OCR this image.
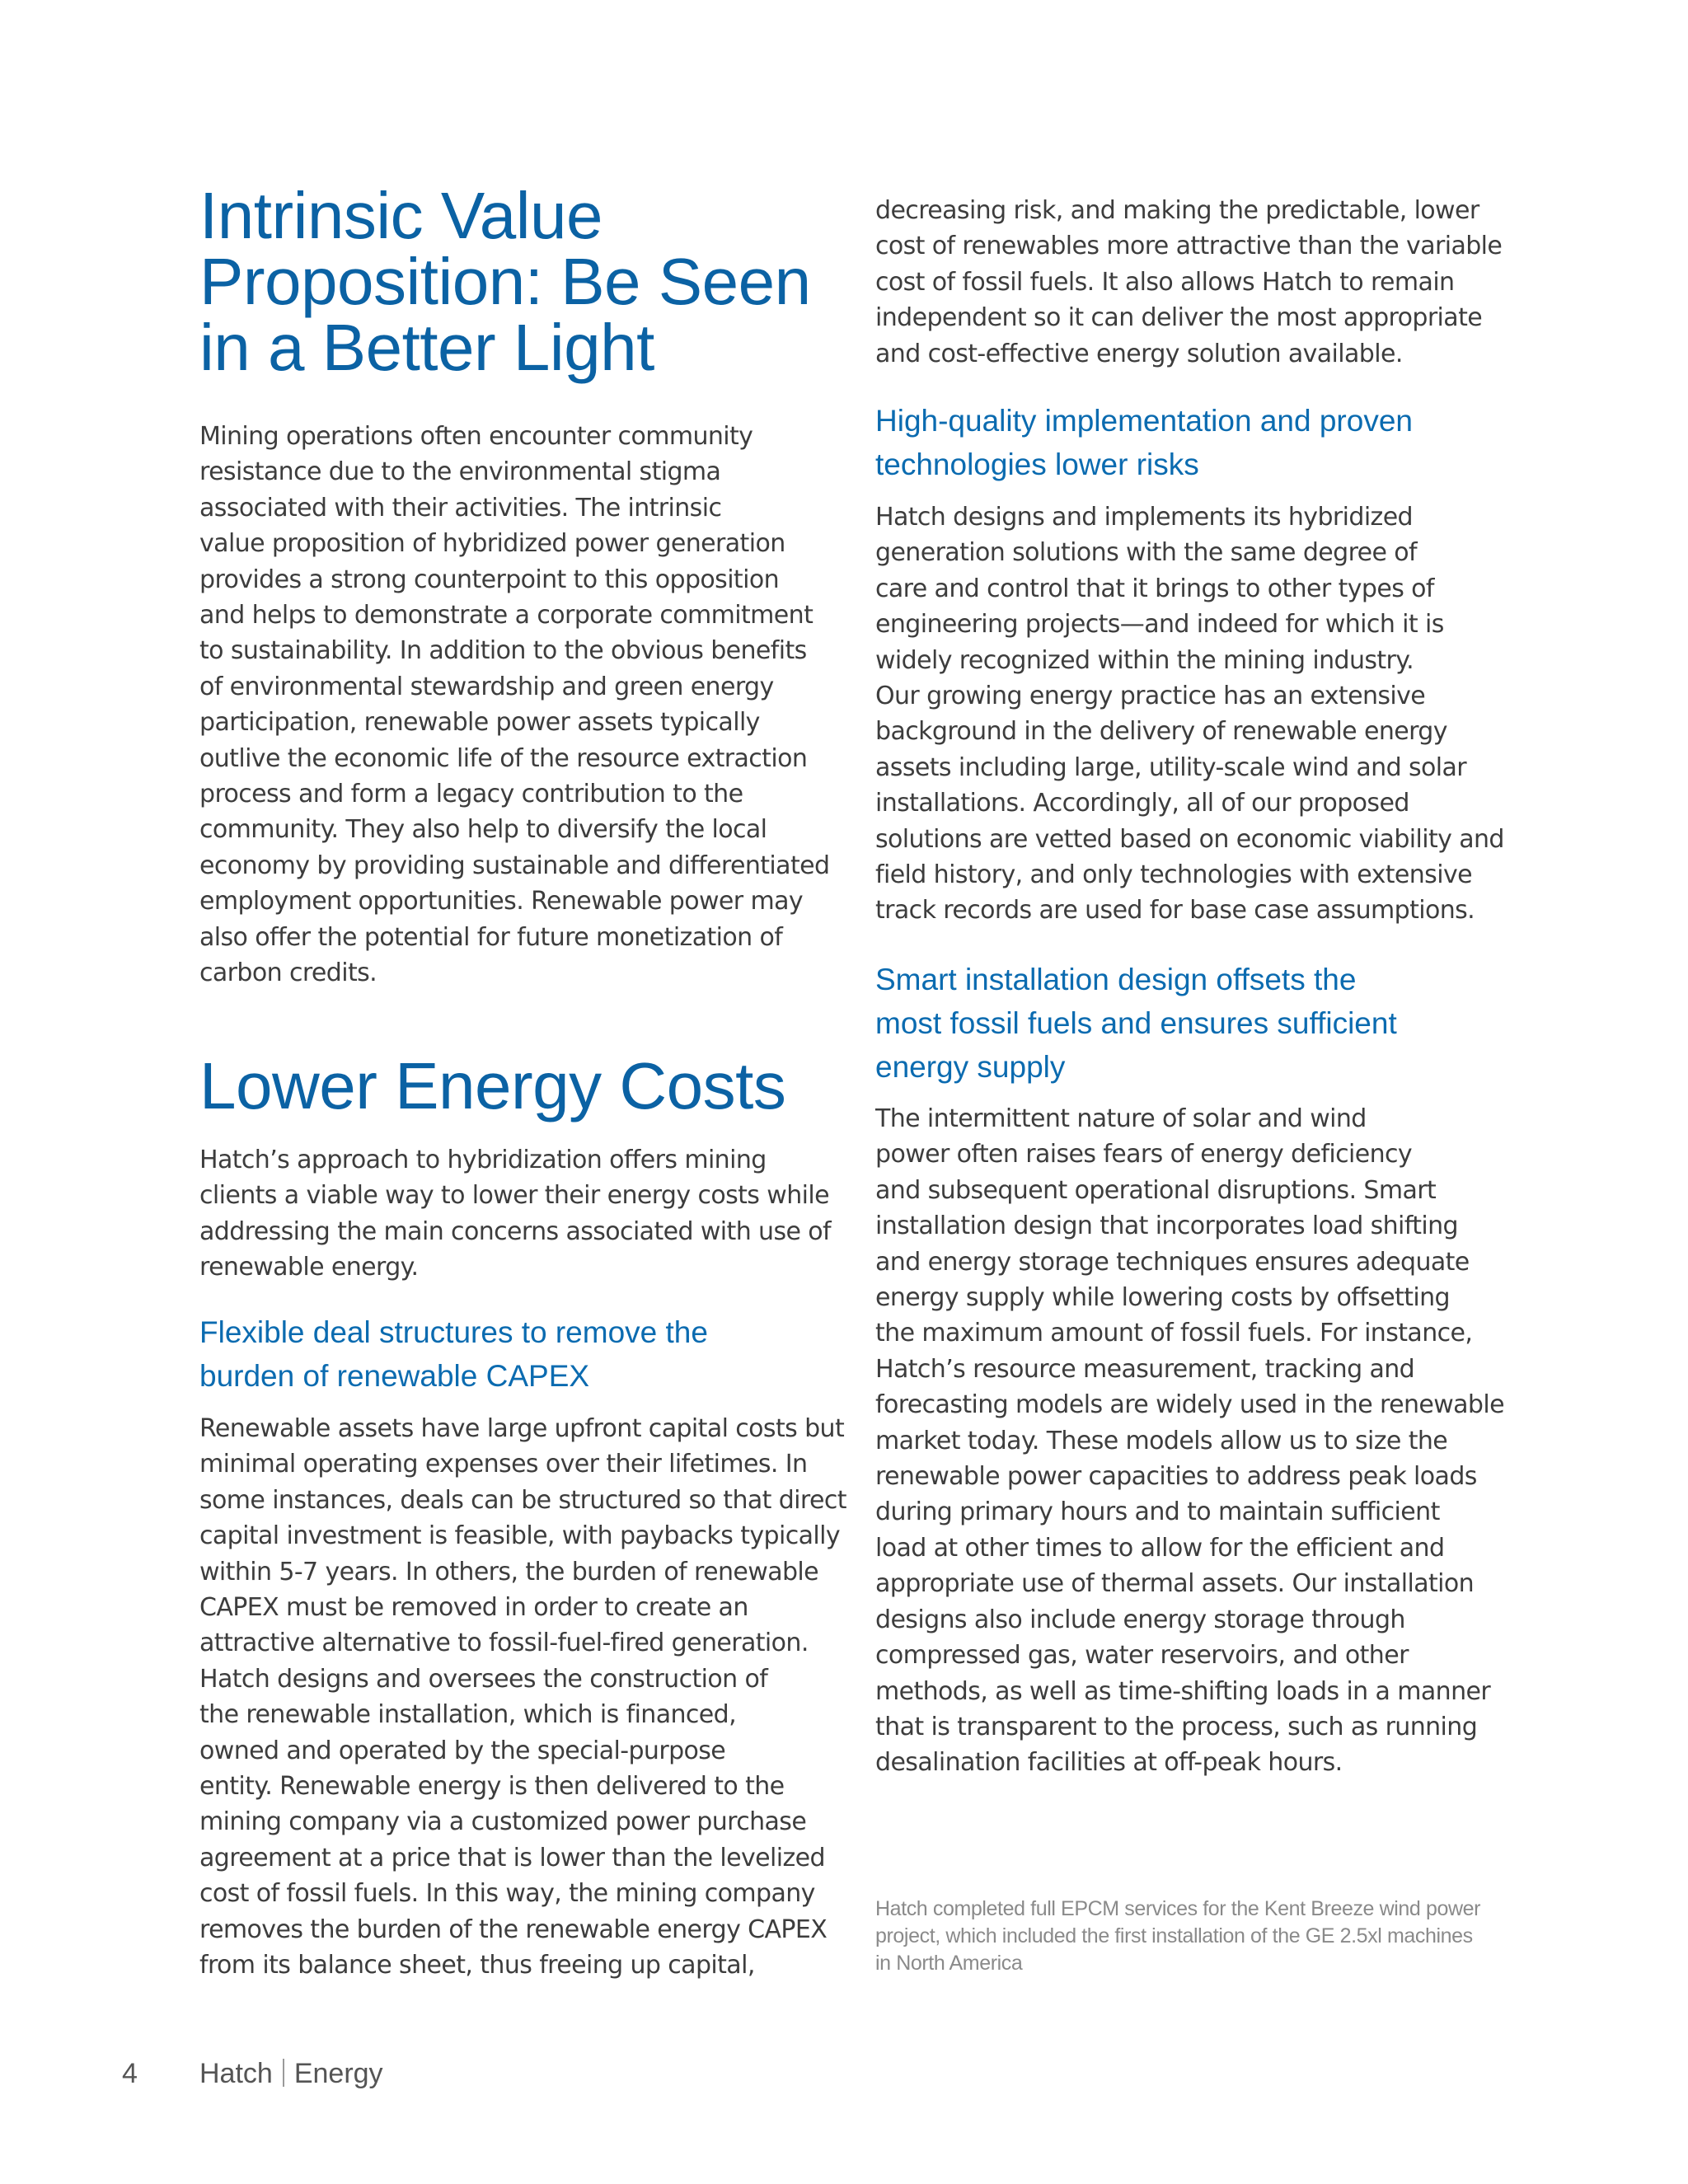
Intrinsic Value
Proposition: Be Seen
in a Better Light
Mining operations often encounter community
resistance due to the environmental stigma
associated with their activities. The intrinsic
value proposition of hybridized power generation
provides a strong counterpoint to this opposition
and helps to demonstrate a corporate commitment
to sustainability. In addition to the obvious benefits
of environmental stewardship and green energy
participation, renewable power assets typically
outlive the economic life of the resource extraction
process and form a legacy contribution to the
community. They also help to diversify the local
economy by providing sustainable and differentiated
employment opportunities. Renewable power may
also offer the potential for future monetization of
carbon credits.
Lower Energy Costs
Hatch’s approach to hybridization offers mining
clients a viable way to lower their energy costs while
addressing the main concerns associated with use of
renewable energy.
Flexible deal structures to remove the
burden of renewable CAPEX
Renewable assets have large upfront capital costs but
minimal operating expenses over their lifetimes. In
some instances, deals can be structured so that direct
capital investment is feasible, with paybacks typically
within 5-7 years. In others, the burden of renewable
CAPEX must be removed in order to create an
attractive alternative to fossil-fuel-fired generation.
Hatch designs and oversees the construction of
the renewable installation, which is financed,
owned and operated by the special-purpose
entity. Renewable energy is then delivered to the
mining company via a customized power purchase
agreement at a price that is lower than the levelized
cost of fossil fuels. In this way, the mining company
removes the burden of the renewable energy CAPEX
from its balance sheet, thus freeing up capital,
decreasing risk, and making the predictable, lower
cost of renewables more attractive than the variable
cost of fossil fuels. It also allows Hatch to remain
independent so it can deliver the most appropriate
and cost-effective energy solution available.
High-quality implementation and proven
technologies lower risks
Hatch designs and implements its hybridized
generation solutions with the same degree of
care and control that it brings to other types of
engineering projects—and indeed for which it is
widely recognized within the mining industry.
Our growing energy practice has an extensive
background in the delivery of renewable energy
assets including large, utility-scale wind and solar
installations. Accordingly, all of our proposed
solutions are vetted based on economic viability and
field history, and only technologies with extensive
track records are used for base case assumptions.
Smart installation design offsets the
most fossil fuels and ensures sufficient
energy supply
The intermittent nature of solar and wind
power often raises fears of energy deficiency
and subsequent operational disruptions. Smart
installation design that incorporates load shifting
and energy storage techniques ensures adequate
energy supply while lowering costs by offsetting
the maximum amount of fossil fuels. For instance,
Hatch’s resource measurement, tracking and
forecasting models are widely used in the renewable
market today. These models allow us to size the
renewable power capacities to address peak loads
during primary hours and to maintain sufficient
load at other times to allow for the efficient and
appropriate use of thermal assets. Our installation
designs also include energy storage through
compressed gas, water reservoirs, and other
methods, as well as time-shifting loads in a manner
that is transparent to the process, such as running
desalination facilities at off-peak hours.
Hatch completed full EPCM services for the Kent Breeze wind power
project, which included the first installation of the GE 2.5xl machines
in North America
4 Hatch Energy
